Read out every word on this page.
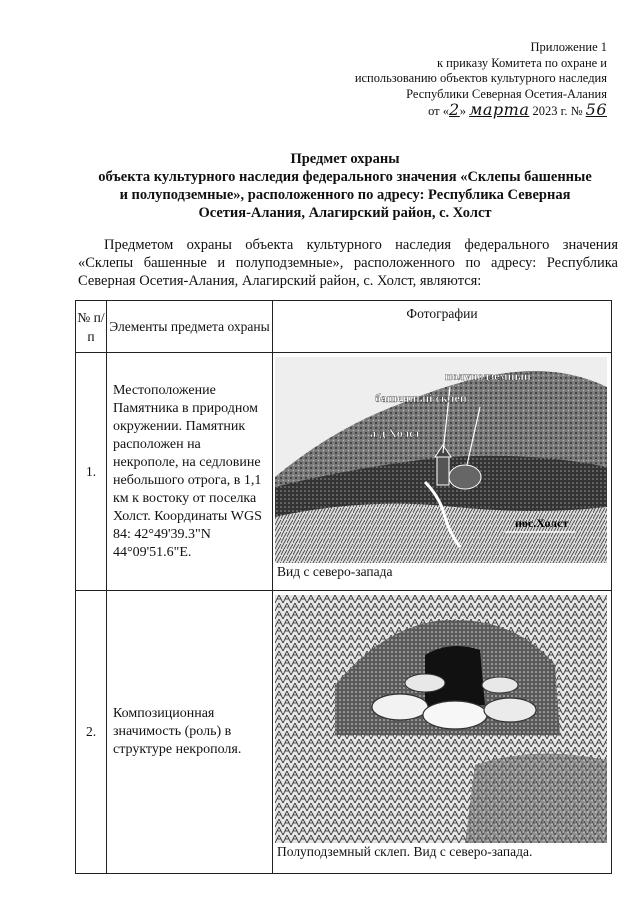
Приложение 1
к приказу Комитета по охране и
использованию объектов культурного наследия
Республики Северная Осетия-Алания
от «2» марта 2023 г. № 56
Предмет охраны
объекта культурного наследия федерального значения «Склепы башенные
и полуподземные», расположенного по адресу: Республика Северная
Осетия-Алания, Алагирский район, с. Холст
Предметом охраны объекта культурного наследия федерального значения «Склепы башенные и полуподземные», расположенного по адресу: Республика Северная Осетия-Алания, Алагирский район, с. Холст, являются:
№ п/п	Элементы предмета охраны	Фотографии
1.	Местоположение Памятника в природном окружении. Памятник расположен на некрополе, на седловине небольшого отрога, в 1,1 км к востоку от поселка Холст. Координаты WGS 84: 42°49'39.3"N 44°09'51.6"E.	полуподземный
башенный склеп
а/д Холст
пос.Холст
Вид с северо-запада

2.	Композиционная значимость (роль) в структуре некрополя.	Полуподземный склеп. Вид с северо-запада.
